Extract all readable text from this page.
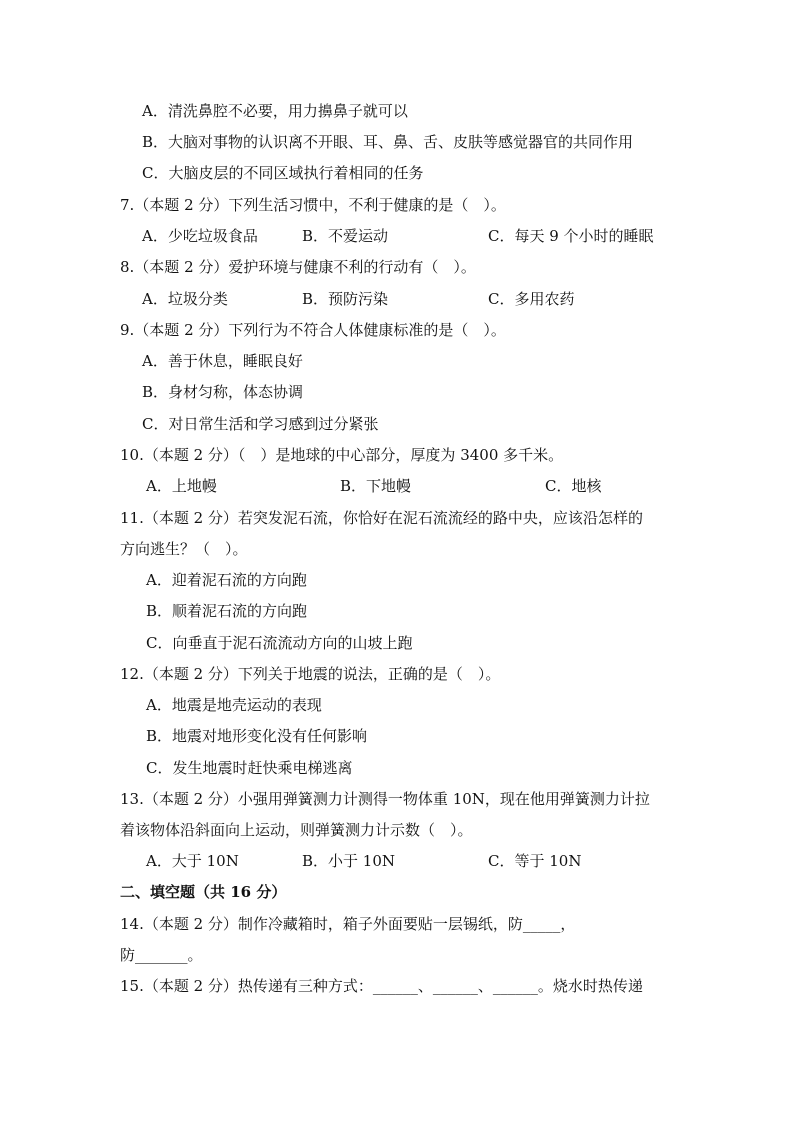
A．清洗鼻腔不必要，用力擤鼻子就可以
B．大脑对事物的认识离不开眼、耳、鼻、舌、皮肤等感觉器官的共同作用
C．大脑皮层的不同区域执行着相同的任务
7.（本题 2 分）下列生活习惯中，不利于健康的是（　）。
A．少吃垃圾食品	B．不爱运动	C．每天 9 个小时的睡眠
8.（本题 2 分）爱护环境与健康不利的行动有（　）。
A．垃圾分类	B．预防污染	C．多用农药
9.（本题 2 分）下列行为不符合人体健康标准的是（　）。
A．善于休息，睡眠良好
B．身材匀称，体态协调
C．对日常生活和学习感到过分紧张
10.（本题 2 分）（　）是地球的中心部分，厚度为 3400 多千米。
A．上地幔	B．下地幔	C．地核
11.（本题 2 分）若突发泥石流，你恰好在泥石流流经的路中央，应该沿怎样的
方向逃生？（　）。
A．迎着泥石流的方向跑
B．顺着泥石流的方向跑
C．向垂直于泥石流流动方向的山坡上跑
12.（本题 2 分）下列关于地震的说法，正确的是（　）。
A．地震是地壳运动的表现
B．地震对地形变化没有任何影响
C．发生地震时赶快乘电梯逃离
13.（本题 2 分）小强用弹簧测力计测得一物体重 10N，现在他用弹簧测力计拉
着该物体沿斜面向上运动，则弹簧测力计示数（　）。
A．大于 10N	B．小于 10N	C．等于 10N
二、填空题（共 16 分）
14.（本题 2 分）制作冷藏箱时，箱子外面要贴一层锡纸，防_____，
防_______。
15.（本题 2 分）热传递有三种方式：______、______、______。烧水时热传递
